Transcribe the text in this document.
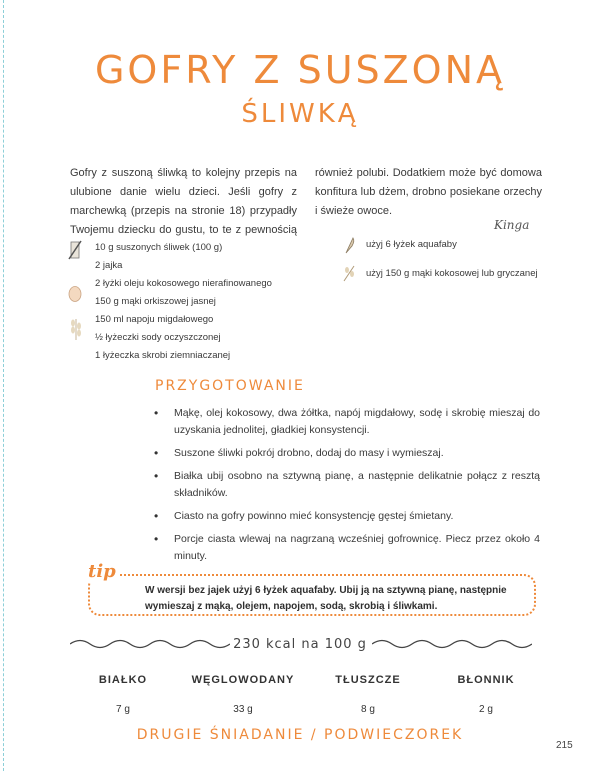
GOFRY Z SUSZONĄ
ŚLIWKĄ
Gofry z suszoną śliwką to kolejny przepis na ulubione danie wielu dzieci. Jeśli gofry z marchewką (przepis na stronie 18) przypadły Twojemu dziecku do gustu, to te z pewnością również polubi. Dodatkiem może być domowa konfitura lub dżem, drobno posiekane orzechy i świeże owoce.
Kinga
10 g suszonych śliwek (100 g)
2 jajka
2 łyżki oleju kokosowego nierafinowanego
150 g mąki orkiszowej jasnej
150 ml napoju migdałowego
½ łyżeczki sody oczyszczonej
1 łyżeczka skrobi ziemniaczanej
użyj 6 łyżek aquafaby
użyj 150 g mąki kokosowej lub gryczanej
PRZYGOTOWANIE
• Mąkę, olej kokosowy, dwa żółtka, napój migdałowy, sodę i skrobię mieszaj do uzyskania jednolitej, gładkiej konsystencji.
• Suszone śliwki pokrój drobno, dodaj do masy i wymieszaj.
• Białka ubij osobno na sztywną pianę, a następnie delikatnie połącz z resztą składników.
• Ciasto na gofry powinno mieć konsystencję gęstej śmietany.
• Porcje ciasta wlewaj na nagrzaną wcześniej gofrownicę. Piecz przez około 4 minuty.
tip
W wersji bez jajek użyj 6 łyżek aquafaby. Ubij ją na sztywną pianę, następnie wymieszaj z mąką, olejem, napojem, sodą, skrobią i śliwkami.
230 kcal na 100 g
BIAŁKO	WĘGLOWODANY	TŁUSZCZE	BŁONNIK
7 g	33 g	8 g	2 g
DRUGIE ŚNIADANIE / PODWIECZOREK
215
